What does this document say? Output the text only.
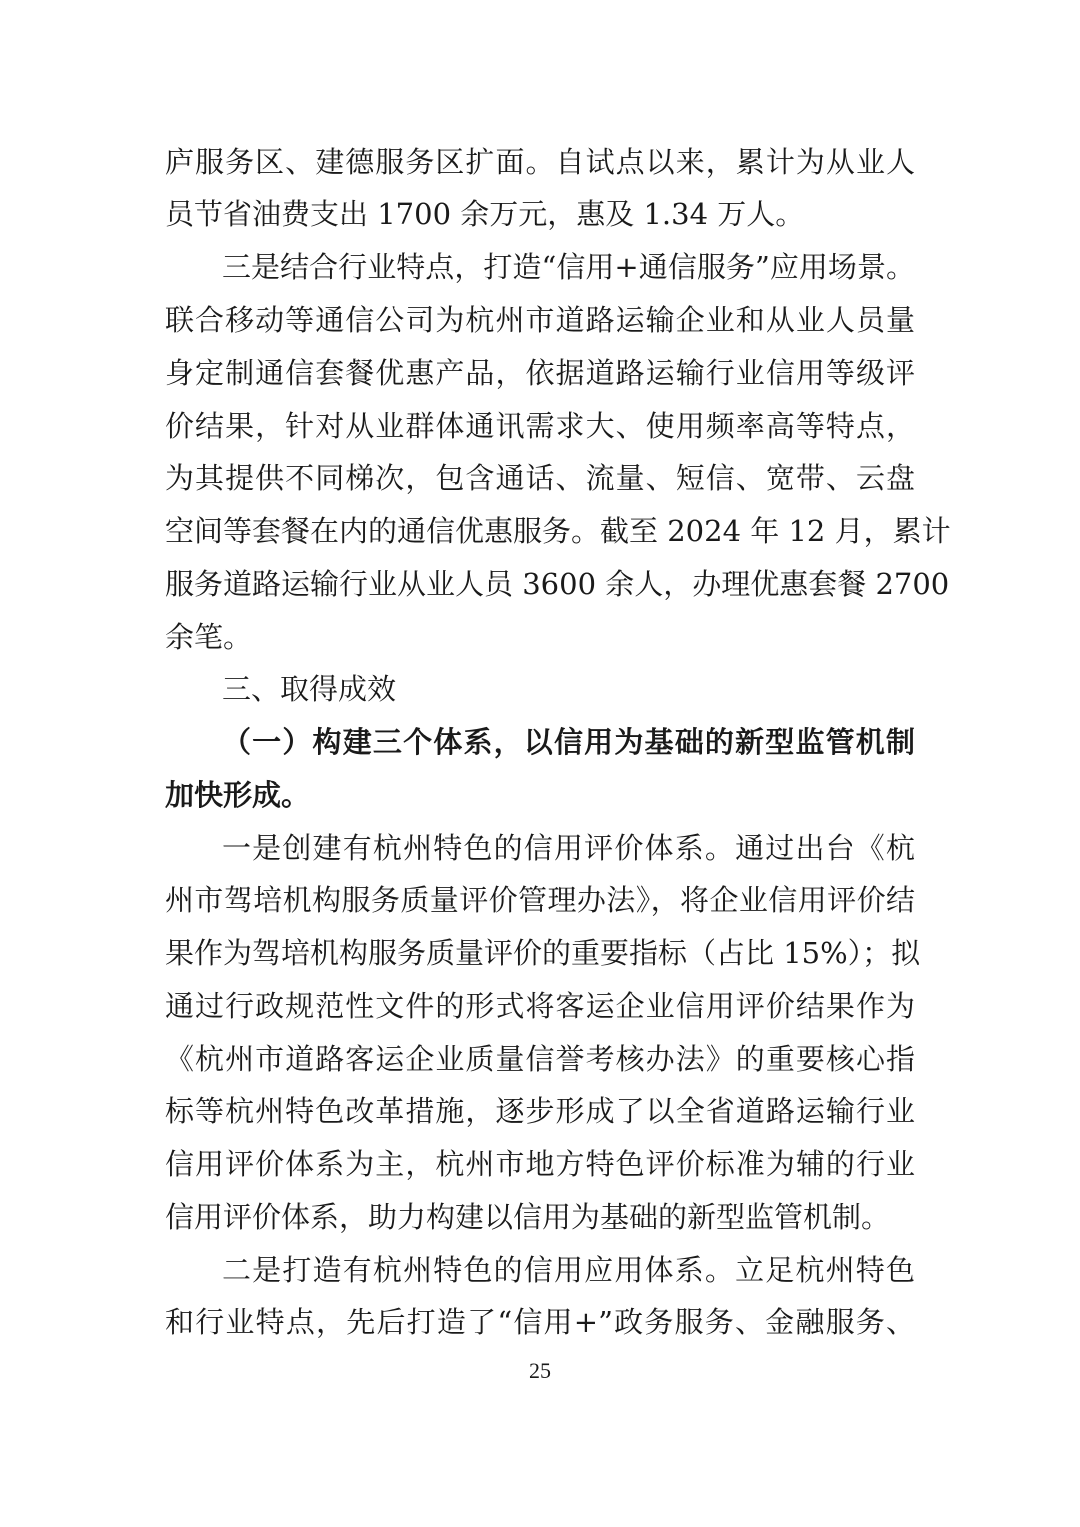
庐服务区、建德服务区扩面。自试点以来，累计为从业人
员节省油费支出 1700 余万元，惠及 1.34 万人。
三是结合行业特点，打造“信用+通信服务”应用场景。
联合移动等通信公司为杭州市道路运输企业和从业人员量
身定制通信套餐优惠产品，依据道路运输行业信用等级评
价结果，针对从业群体通讯需求大、使用频率高等特点，
为其提供不同梯次，包含通话、流量、短信、宽带、云盘
空间等套餐在内的通信优惠服务。截至 2024 年 12 月，累计
服务道路运输行业从业人员 3600 余人，办理优惠套餐 2700
余笔。
三、取得成效
（一）构建三个体系，以信用为基础的新型监管机制
加快形成。
一是创建有杭州特色的信用评价体系。通过出台《杭
州市驾培机构服务质量评价管理办法》，将企业信用评价结
果作为驾培机构服务质量评价的重要指标（占比 15%）；拟
通过行政规范性文件的形式将客运企业信用评价结果作为
《杭州市道路客运企业质量信誉考核办法》的重要核心指
标等杭州特色改革措施，逐步形成了以全省道路运输行业
信用评价体系为主，杭州市地方特色评价标准为辅的行业
信用评价体系，助力构建以信用为基础的新型监管机制。
二是打造有杭州特色的信用应用体系。立足杭州特色
和行业特点，先后打造了“信用+”政务服务、金融服务、
25
